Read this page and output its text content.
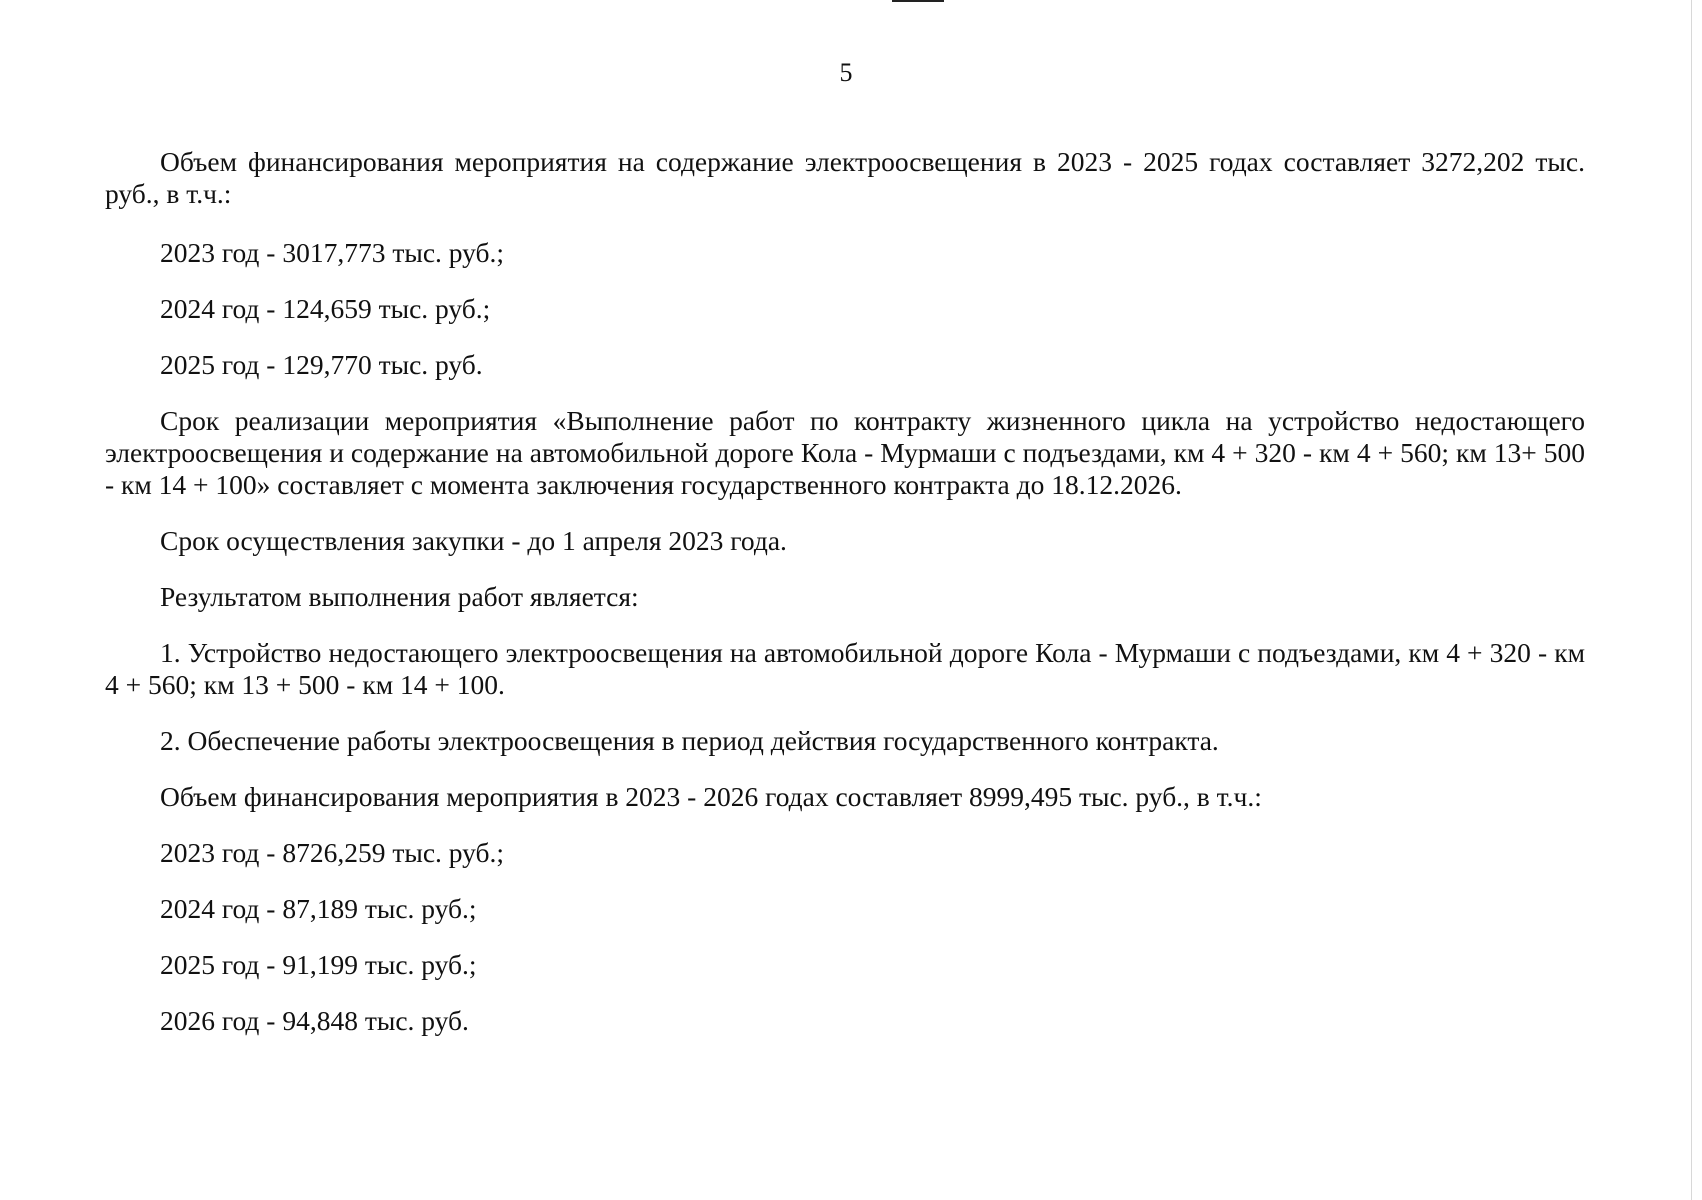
5

Объем финансирования мероприятия на содержание электроосвещения в 2023 - 2025 годах составляет 3272,202 тыс. руб., в т.ч.:

2023 год - 3017,773 тыс. руб.;

2024 год - 124,659 тыс. руб.;

2025 год - 129,770 тыс. руб.

Срок реализации мероприятия «Выполнение работ по контракту жизненного цикла на устройство недостающего электроосвещения и содержание на автомобильной дороге Кола - Мурмаши с подъездами, км 4 + 320 - км 4 + 560; км 13+ 500 - км 14 + 100» составляет с момента заключения государственного контракта до 18.12.2026.

Срок осуществления закупки - до 1 апреля 2023 года.

Результатом выполнения работ является:

1. Устройство недостающего электроосвещения на автомобильной дороге Кола - Мурмаши с подъездами, км 4 + 320 - км 4 + 560; км 13 + 500 - км 14 + 100.

2. Обеспечение работы электроосвещения в период действия государственного контракта.

Объем финансирования мероприятия в 2023 - 2026 годах составляет 8999,495 тыс. руб., в т.ч.:

2023 год - 8726,259 тыс. руб.;

2024 год - 87,189 тыс. руб.;

2025 год - 91,199 тыс. руб.;

2026 год - 94,848 тыс. руб.
